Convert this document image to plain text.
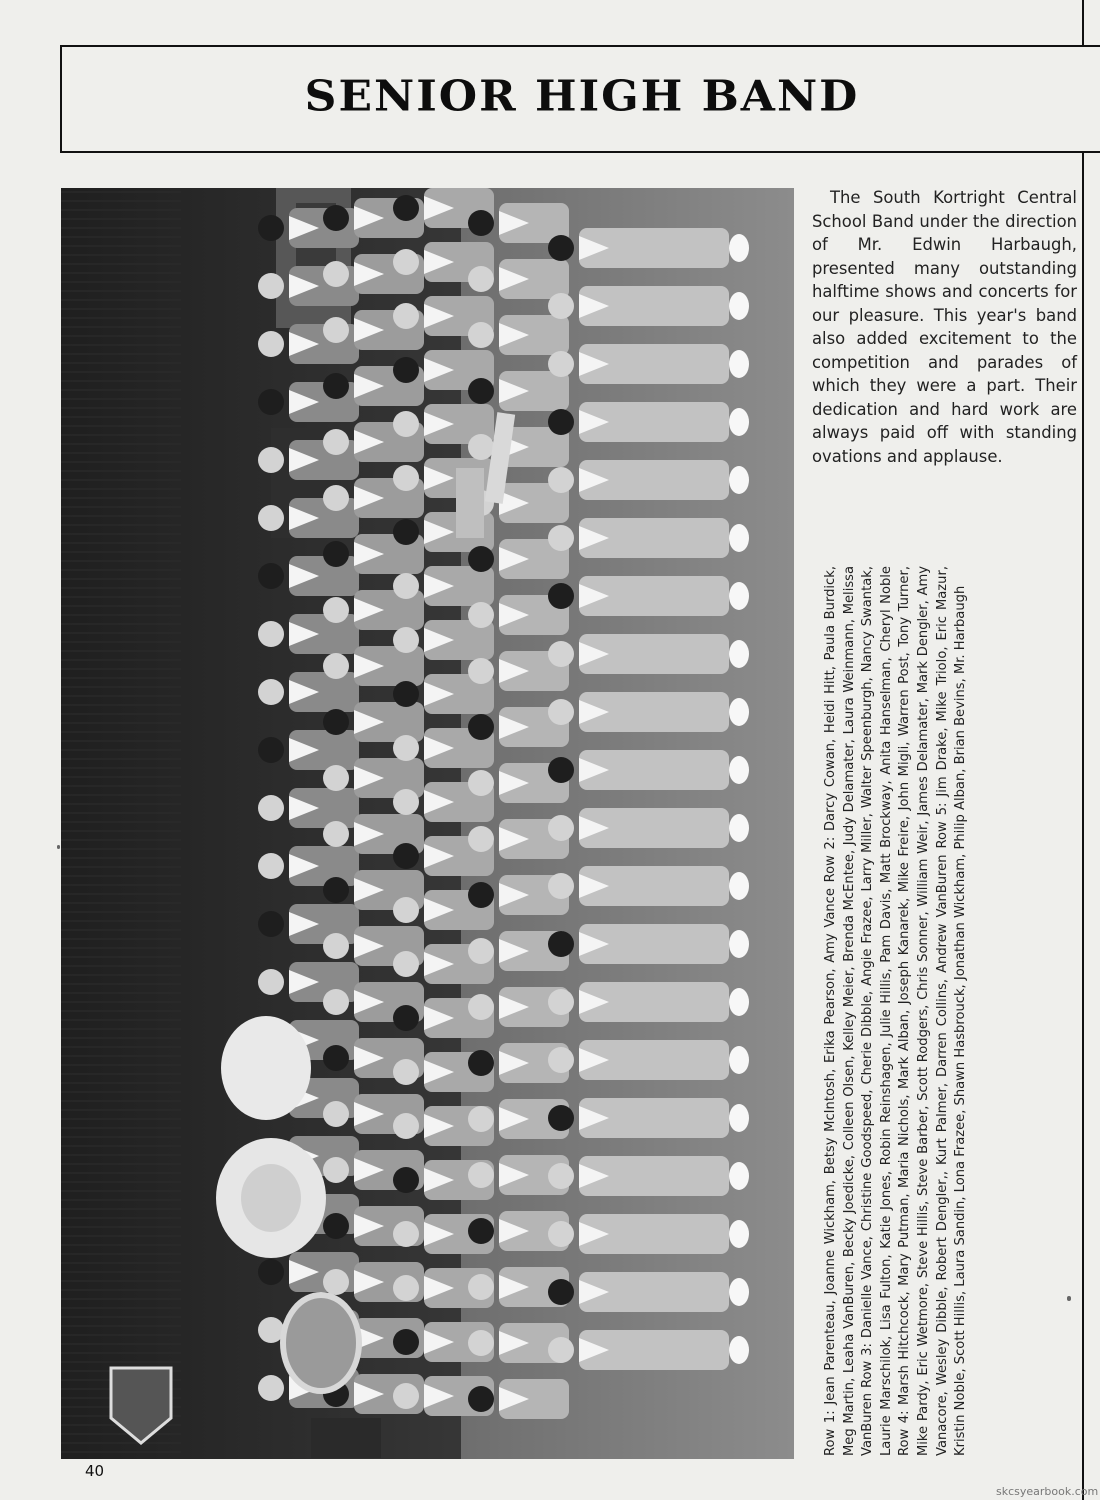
SENIOR HIGH BAND
The South Kortright Central School Band under the direction of Mr. Edwin Harbaugh, presented many outstanding halftime shows and concerts for our pleasure. This year's band also added excitement to the competition and parades of which they were a part. Their dedication and hard work are always paid off with standing ovations and applause.
Row 1: Jean Parenteau, Joanne Wickham, Betsy McIntosh, Erika Pearson, Amy Vance Row 2: Darcy Cowan, Heidi Hitt, Paula Burdick, Meg Martin, Leaha VanBuren, Becky Joedicke, Colleen Olsen, Kelley Meier, Brenda McEntee, Judy Delamater, Laura Weinmann, Melissa VanBuren Row 3: Danielle Vance, Christine Goodspeed, Cherie Dibble, Angie Frazee, Larry Miller, Walter Speenburgh, Nancy Swantak, Laurie Marschilok, Lisa Fulton, Katie Jones, Robin Reinshagen, Julie Hillis, Pam Davis, Matt Brockway, Anita Hanselman, Cheryl Noble Row 4: Marsh Hitchcock, Mary Putman, Maria Nichols, Mark Alban, Joseph Kanarek, Mike Freire, John Migli, Warren Post, Tony Turner, Mike Pardy, Eric Wetmore, Steve Hillis, Steve Barber, Scott Rodgers, Chris Sonner, William Weir, James Delamater, Mark Dengler, Amy Vanacore, Wesley Dibble, Robert Dengler,, Kurt Palmer, Darren Collins, Andrew VanBuren Row 5: Jim Drake, Mike Triolo, Eric Mazur, Kristin Noble, Scott Hillis, Laura Sandin, Lona Frazee, Shawn Hasbrouck, Jonathan Wickham, Philip Alban, Brian Bevins, Mr. Harbaugh
40
skcsyearbook.com
